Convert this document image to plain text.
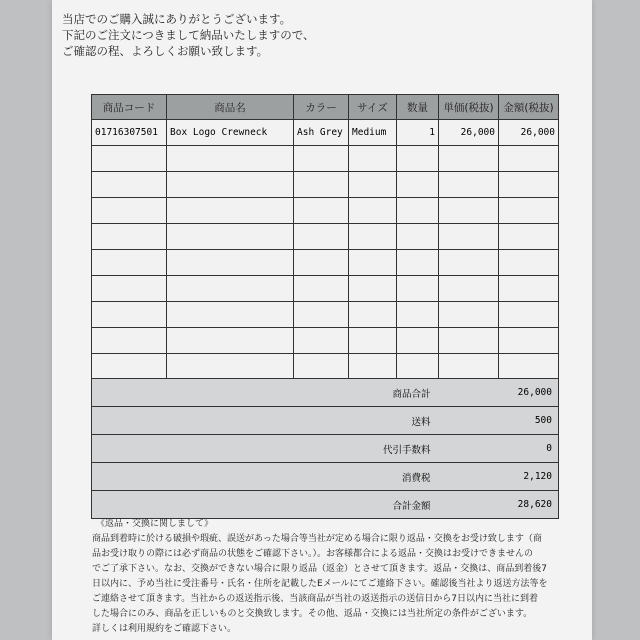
当店でのご購入誠にありがとうございます。
下記のご注文につきまして納品いたしますので、
ご確認の程、よろしくお願い致します。
商品コード	商品名	カラー	サイズ	数量	単価(税抜)	金額(税抜)
01716307501	Box Logo Crewneck	Ash Grey	Medium	1	26,000	26,000

商品合計	26,000
送料	500
代引手数料	0
消費税	2,120
合計金額	28,620
《返品・交換に関しまして》
商品到着時に於ける破損や瑕疵、誤送があった場合等当社が定める場合に限り返品・交換をお受け致します（商
品お受け取りの際には必ず商品の状態をご確認下さい。）。お客様都合による返品・交換はお受けできませんの
でご了承下さい。なお、交換ができない場合に限り返品（返金）とさせて頂きます。返品・交換は、商品到着後7
日以内に、予め当社に受注番号・氏名・住所を記載したEメールにてご連絡下さい。確認後当社より返送方法等を
ご連絡させて頂きます。当社からの返送指示後、当該商品が当社の返送指示の送信日から7日以内に当社に到着
した場合にのみ、商品を正しいものと交換致します。その他、返品・交換には当社所定の条件がございます。
詳しくは利用規約をご確認下さい。
